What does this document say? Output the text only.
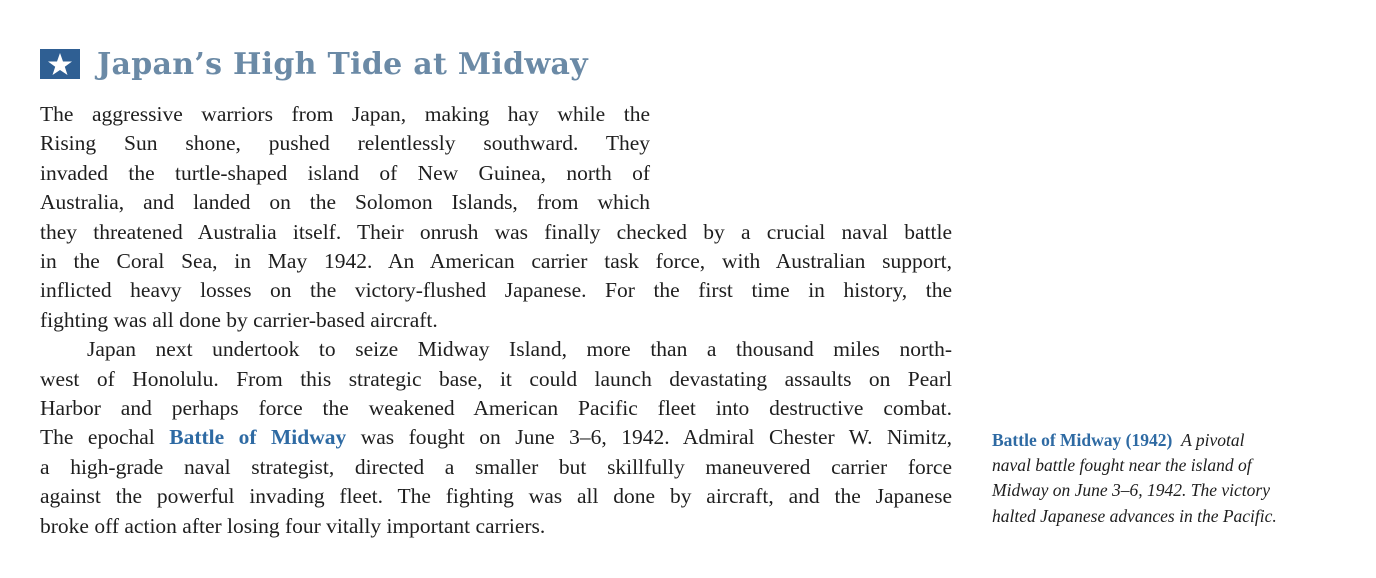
Japan’s High Tide at Midway
The aggressive warriors from Japan, making hay while the
Rising Sun shone, pushed relentlessly southward. They
invaded the turtle-shaped island of New Guinea, north of
Australia, and landed on the Solomon Islands, from which
they threatened Australia itself. Their onrush was finally checked by a crucial naval battle
in the Coral Sea, in May 1942. An American carrier task force, with Australian support,
inflicted heavy losses on the victory-flushed Japanese. For the first time in history, the
fighting was all done by carrier-based aircraft.
Japan next undertook to seize Midway Island, more than a thousand miles north-
west of Honolulu. From this strategic base, it could launch devastating assaults on Pearl
Harbor and perhaps force the weakened American Pacific fleet into destructive combat.
The epochal Battle of Midway was fought on June 3–6, 1942. Admiral Chester W. Nimitz,
a high-grade naval strategist, directed a smaller but skillfully maneuvered carrier force
against the powerful invading fleet. The fighting was all done by aircraft, and the Japanese
broke off action after losing four vitally important carriers.
Battle of Midway (1942) A pivotal
naval battle fought near the island of
Midway on June 3–6, 1942. The victory
halted Japanese advances in the Pacific.
